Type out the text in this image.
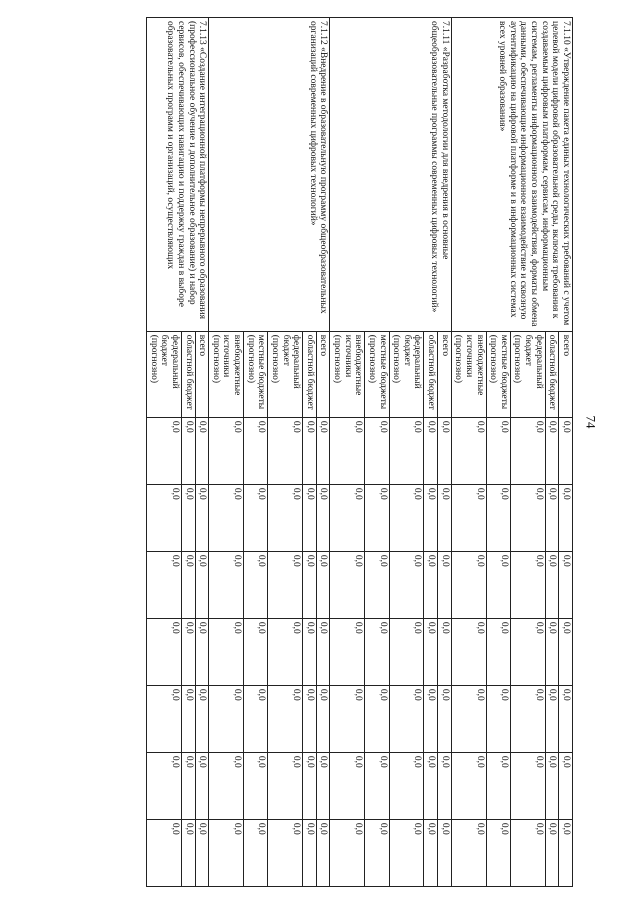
74
7.1.10 «Утверждение пакета единых технологических требований с учетом целевой модели цифровой образовательной среды, включая требования к создаваемым цифровым платформам, сервисам, информационным системам, регламенты информационного взаимодействия, форматы обмена данными, обеспечивающие информационное взаимодействие и сквозную аутентификацию на цифровой платформе и в информационных системах всех уровней образования»	всего	0,0	0,0	0,0	0,0	0,0	0,0	0,0

	областной бюджет	0,0	0,0	0,0	0,0	0,0	0,0	0,0

	федеральный бюджет (прогнозно)	0,0	0,0	0,0	0,0	0,0	0,0	0,0

	местные бюджеты (прогнозно)	0,0	0,0	0,0	0,0	0,0	0,0	0,0

	внебюджетные источники (прогнозно)	0,0	0,0	0,0	0,0	0,0	0,0	0,0

7.1.11 «Разработка методологии для внедрения в основные общеобразовательные программы современных цифровых технологий»	всего	0,0	0,0	0,0	0,0	0,0	0,0	0,0

	областной бюджет	0,0	0,0	0,0	0,0	0,0	0,0	0,0

	федеральный бюджет (прогнозно)	0,0	0,0	0,0	0,0	0,0	0,0	0,0

	местные бюджеты (прогнозно)	0,0	0,0	0,0	0,0	0,0	0,0	0,0

	внебюджетные источники (прогнозно)	0,0	0,0	0,0	0,0	0,0	0,0	0,0

7.1.12 «Внедрение в образовательную программу общеобразовательных организаций современных цифровых технологий»	всего	0,0	0,0	0,0	0,0	0,0	0,0	0,0

	областной бюджет	0,0	0,0	0,0	0,0	0,0	0,0	0,0

	федеральный бюджет (прогнозно)	0,0	0,0	0,0	0,0	0,0	0,0	0,0

	местные бюджеты (прогнозно)	0,0	0,0	0,0	0,0	0,0	0,0	0,0

	внебюджетные источники (прогнозно)	0,0	0,0	0,0	0,0	0,0	0,0	0,0

7.1.13 «Создание интеграционной платформы непрерывного образования (профессиональное обучение и дополнительное образование) и набор сервисов, обеспечивающих навигацию и поддержку граждан в выборе образовательных программ и организаций, осуществляющих	всего	0,0	0,0	0,0	0,0	0,0	0,0	0,0

	областной бюджет	0,0	0,0	0,0	0,0	0,0	0,0	0,0

	федеральный бюджет (прогнозно)	0,0	0,0	0,0	0,0	0,0	0,0	0,0
